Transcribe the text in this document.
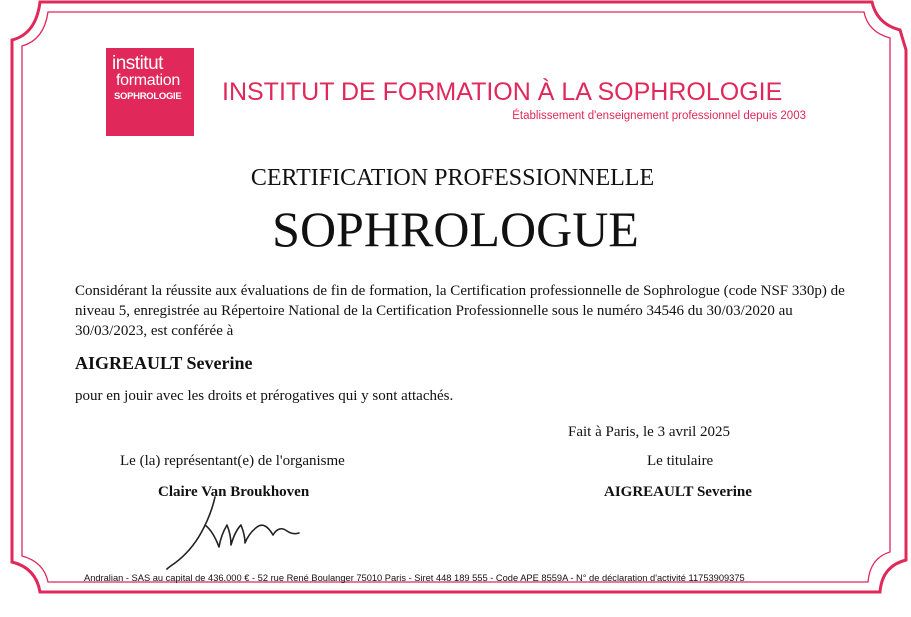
institut
formation
SOPHROLOGIE INSTITUT DE FORMATION À LA SOPHROLOGIE
Établissement d'enseignement professionnel depuis 2003
CERTIFICATION PROFESSIONNELLE
SOPHROLOGUE
Considérant la réussite aux évaluations de fin de formation, la Certification professionnelle de Sophrologue (code NSF 330p) de niveau 5, enregistrée au Répertoire National de la Certification Professionnelle sous le numéro 34546 du 30/03/2020 au 30/03/2023, est conférée à
AIGREAULT Severine
pour en jouir avec les droits et prérogatives qui y sont attachés.
Fait à Paris, le 3 avril 2025
Le (la) représentant(e) de l'organisme	Le titulaire
Claire Van Broukhoven	AIGREAULT Severine
Andralian - SAS au capital de 436.000 € - 52 rue René Boulanger 75010 Paris - Siret 448 189 555 - Code APE 8559A - N° de déclaration d'activité 11753909375
